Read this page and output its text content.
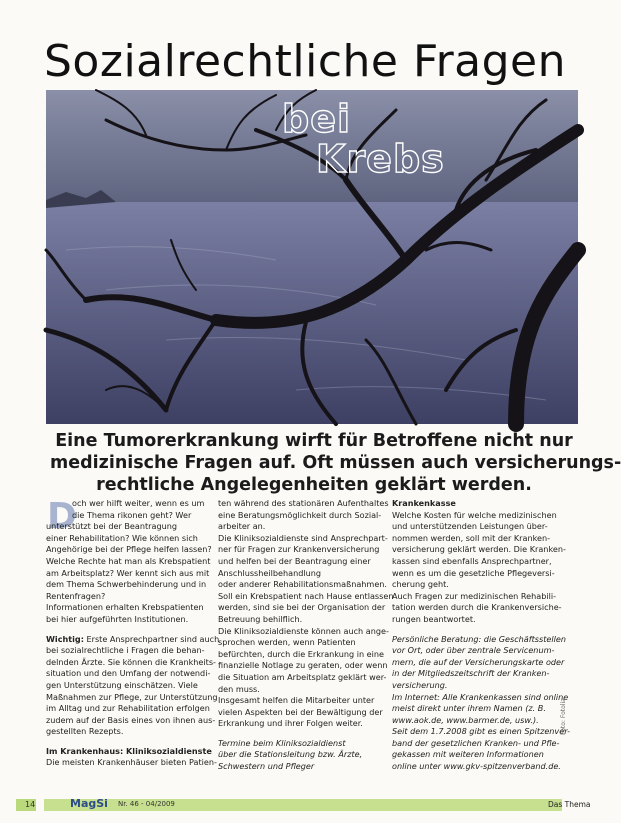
Sozialrechtliche Fragen
bei
Krebs
Eine Tumorerkrankung wirft für Betroffene nicht nur
medizinische Fragen auf. Oft müssen auch versicherungs-
rechtliche Angelegenheiten geklärt werden.
D
och wer hilft weiter, wenn es um
die Thema rikonen geht? Wer
unterstützt bei der Beantragung
einer Rehabilitation? Wie können sich
Angehörige bei der Pflege helfen lassen?
Welche Rechte hat man als Krebspatient
am Arbeitsplatz? Wer kennt sich aus mit
dem Thema Schwerbehinderung und in
Rentenfragen?
Informationen erhalten Krebspatienten
bei hier aufgeführten Institutionen.
Wichtig: Erste Ansprechpartner sind auch
bei sozialrechtliche i Fragen die behan-
delnden Ärzte. Sie können die Krankheits-
situation und den Umfang der notwendi-
gen Unterstützung einschätzen. Viele
Maßnahmen zur Pflege, zur Unterstützung
im Alltag und zur Rehabilitation erfolgen
zudem auf der Basis eines von ihnen aus-
gestellten Rezepts.
Im Krankenhaus: Kliniksozialdienste
Die meisten Krankenhäuser bieten Patien-
ten während des stationären Aufenthaltes
eine Beratungsmöglichkeit durch Sozial-
arbeiter an.
Die Kliniksozialdienste sind Ansprechpart-
ner für Fragen zur Krankenversicherung
und helfen bei der Beantragung einer
Anschlussheilbehandlung
oder anderer Rehabilitationsmaßnahmen.
Soll ein Krebspatient nach Hause entlassen
werden, sind sie bei der Organisation der
Betreuung behilflich.
Die Kliniksozialdienste können auch ange-
sprochen werden, wenn Patienten
befürchten, durch die Erkrankung in eine
finanzielle Notlage zu geraten, oder wenn
die Situation am Arbeitsplatz geklärt wer-
den muss.
Insgesamt helfen die Mitarbeiter unter
vielen Aspekten bei der Bewältigung der
Erkrankung und ihrer Folgen weiter.
Termine beim Kliniksozialdienst
über die Stationsleitung bzw. Ärzte,
Schwestern und Pfleger
Krankenkasse
Welche Kosten für welche medizinischen
und unterstützenden Leistungen über-
nommen werden, soll mit der Kranken-
versicherung geklärt werden. Die Kranken-
kassen sind ebenfalls Ansprechpartner,
wenn es um die gesetzliche Pflegeversi-
cherung geht.
Auch Fragen zur medizinischen Rehabili-
tation werden durch die Krankenversiche-
rungen beantwortet.
Persönliche Beratung: die Geschäftsstellen
vor Ort, oder über zentrale Servicenum-
mern, die auf der Versicherungskarte oder
in der Mitgliedszeitschrift der Kranken-
versicherung.
Im Internet: Alle Krankenkassen sind online
meist direkt unter ihrem Namen (z. B.
www.aok.de, www.barmer.de, usw.).
Seit dem 1.7.2008 gibt es einen Spitzenver-
band der gesetzlichen Kranken- und Pfle-
gekassen mit weiteren Informationen
online unter www.gkv-spitzenverband.de.
Foto: Fotolia
14	MagSi Nr. 46 - 04/2009	Das Thema
